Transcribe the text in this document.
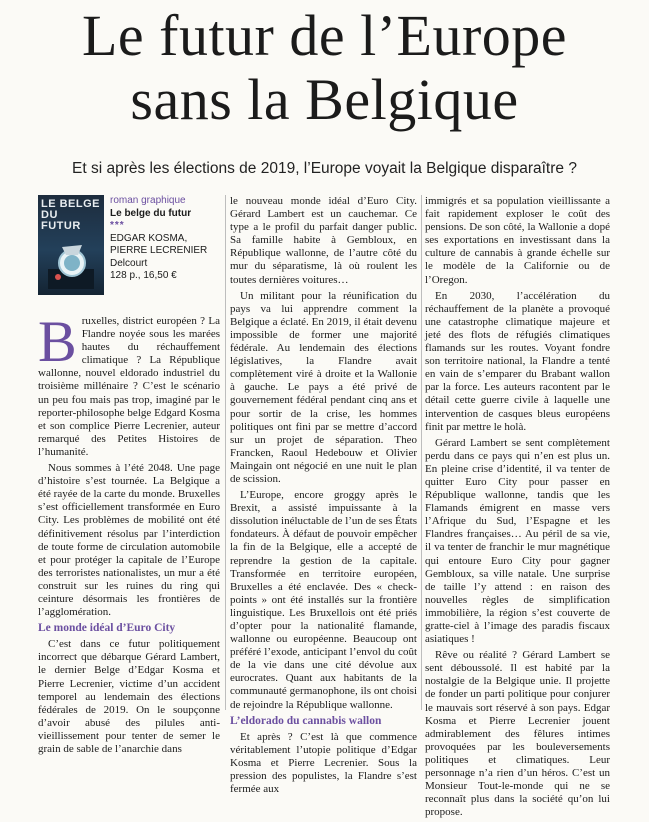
Le futur de l’Europe
sans la Belgique
Et si après les élections de 2019, l’Europe voyait la Belgique disparaître ?
LE BELGE
DU FUTUR
roman graphique
Le belge du futur
***
EDGAR KOSMA,
PIERRE LECRENIER
Delcourt
128 p., 16,50 €

Bruxelles, district européen ? La Flandre noyée sous les marées hautes du réchauffement climatique ? La République wallonne, nouvel eldorado industriel du troisième millénaire ? C’est le scénario un peu fou mais pas trop, imaginé par le reporter-philosophe belge Edgard Kosma et son complice Pierre Lecrenier, auteur remarqué des Petites Histoires de l’humanité.

Nous sommes à l’été 2048. Une page d’histoire s’est tournée. La Belgique a été rayée de la carte du monde. Bruxelles s’est officiellement transformée en Euro City. Les problèmes de mobilité ont été définitivement résolus par l’interdiction de toute forme de circulation automobile et pour protéger la capitale de l’Europe des terroristes nationalistes, un mur a été construit sur les ruines du ring qui ceinture désormais les frontières de l’agglomération.

Le monde idéal d’Euro City

C’est dans ce futur politiquement incorrect que débarque Gérard Lambert, le dernier Belge d’Edgar Kosma et Pierre Lecrenier, victime d’un accident temporel au lendemain des élections fédérales de 2019. On le soupçonne d’avoir abusé des pilules anti-vieillissement pour tenter de semer le grain de sable de l’anarchie dans

le nouveau monde idéal d’Euro City. Gérard Lambert est un cauchemar. Ce type a le profil du parfait danger public. Sa famille habite à Gembloux, en République wallonne, de l’autre côté du mur du séparatisme, là où roulent les toutes dernières voitures…

Un militant pour la réunification du pays va lui apprendre comment la Belgique a éclaté. En 2019, il était devenu impossible de former une majorité fédérale. Au lendemain des élections législatives, la Flandre avait complètement viré à droite et la Wallonie à gauche. Le pays a été privé de gouvernement fédéral pendant cinq ans et pour sortir de la crise, les hommes politiques ont fini par se mettre d’accord sur un projet de séparation. Theo Francken, Raoul Hedebouw et Olivier Maingain ont négocié en une nuit le plan de scission.

L’Europe, encore groggy après le Brexit, a assisté impuissante à la dissolution inéluctable de l’un de ses États fondateurs. À défaut de pouvoir empêcher la fin de la Belgique, elle a accepté de reprendre la gestion de la capitale. Transformée en territoire européen, Bruxelles a été enclavée. Des « check-points » ont été installés sur la frontière linguistique. Les Bruxellois ont été priés d’opter pour la nationalité flamande, wallonne ou européenne. Beaucoup ont préféré l’exode, anticipant l’envol du coût de la vie dans une cité dévolue aux eurocrates. Quant aux habitants de la communauté germanophone, ils ont choisi de rejoindre la République wallonne.

L’eldorado du cannabis wallon

Et après ? C’est là que commence véritablement l’utopie politique d’Edgar Kosma et Pierre Lecrenier. Sous la pression des populistes, la Flandre s’est fermée aux

immigrés et sa population vieillissante a fait rapidement exploser le coût des pensions. De son côté, la Wallonie a dopé ses exportations en investissant dans la culture de cannabis à grande échelle sur le modèle de la Californie ou de l’Oregon.

En 2030, l’accélération du réchauffement de la planète a provoqué une catastrophe climatique majeure et jeté des flots de réfugiés climatiques flamands sur les routes. Voyant fondre son territoire national, la Flandre a tenté en vain de s’emparer du Brabant wallon par la force. Les auteurs racontent par le détail cette guerre civile à laquelle une intervention de casques bleus européens finit par mettre le holà.

Gérard Lambert se sent complètement perdu dans ce pays qui n’en est plus un. En pleine crise d’identité, il va tenter de quitter Euro City pour passer en République wallonne, tandis que les Flamands émigrent en masse vers l’Afrique du Sud, l’Espagne et les Flandres françaises… Au péril de sa vie, il va tenter de franchir le mur magnétique qui entoure Euro City pour gagner Gembloux, sa ville natale. Une surprise de taille l’y attend : en raison des nouvelles règles de simplification immobilière, la région s’est couverte de gratte-ciel à l’image des paradis fiscaux asiatiques !

Rêve ou réalité ? Gérard Lambert se sent déboussolé. Il est habité par la nostalgie de la Belgique unie. Il projette de fonder un parti politique pour conjurer le mauvais sort réservé à son pays. Edgar Kosma et Pierre Lecrenier jouent admirablement des fêlures intimes provoquées par les bouleversements politiques et climatiques. Leur personnage n’a rien d’un héros. C’est un Monsieur Tout-le-monde qui ne se reconnaît plus dans la société qu’on lui propose.
